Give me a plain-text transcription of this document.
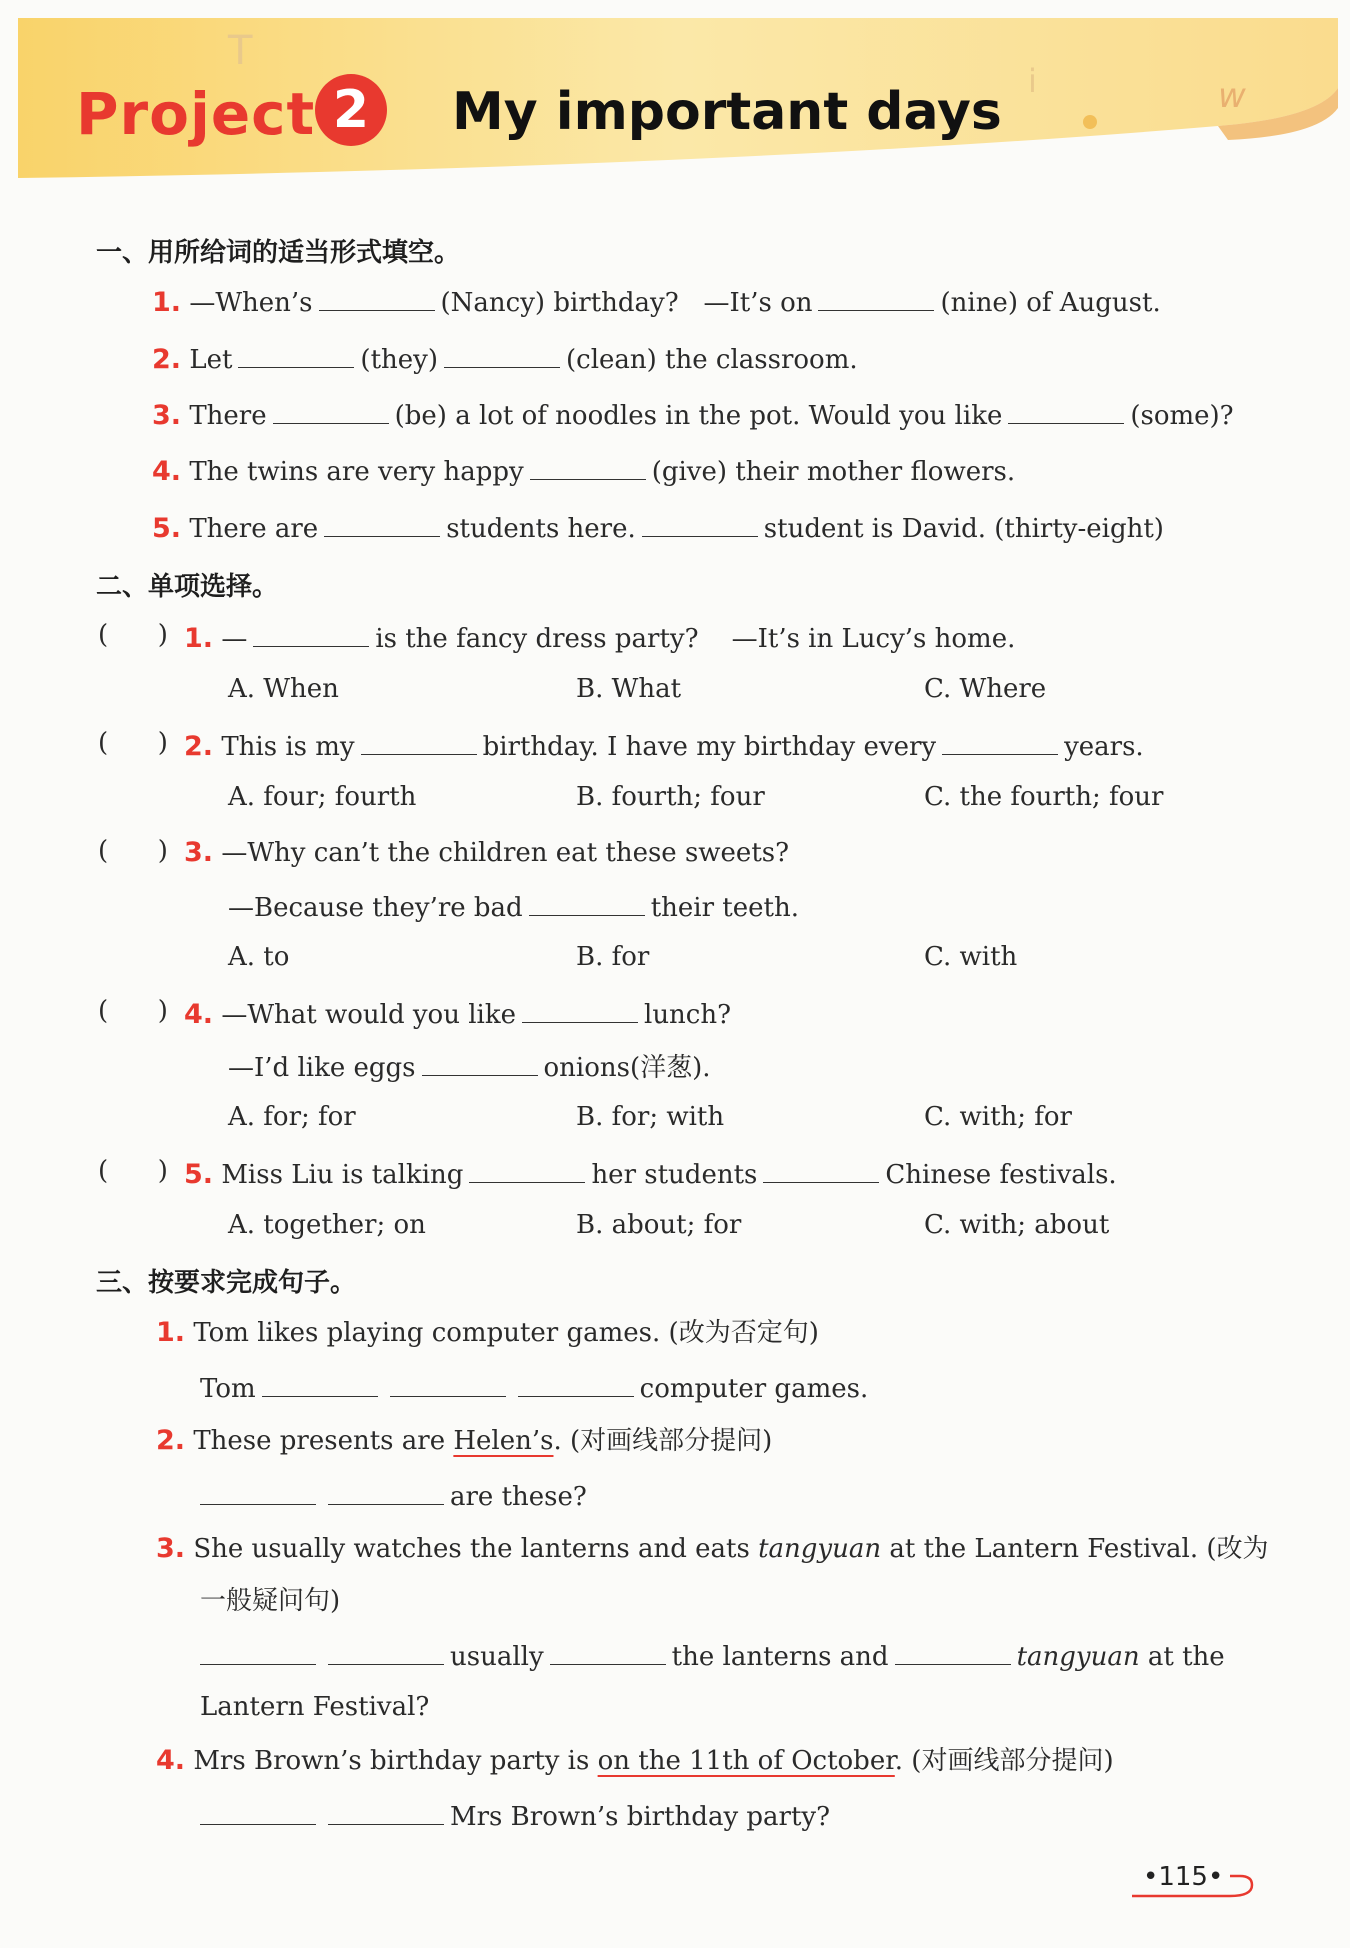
T
i	w
Project 2	My important days
一、用所给词的适当形式填空。
1. —When’s	(Nancy) birthday? —It’s on	(nine) of August.
2. Let	(they)	(clean) the classroom.
3. There	(be) a lot of noodles in the pot. Would you like	(some)?
4. The twins are very happy	(give) their mother flowers.
5. There are	students here.	student is David. (thirty-eight)
二、单项选择。
(      ) 1. —	is the fancy dress party? —It’s in Lucy’s home.
A. When	B. What	C. Where
(      ) 2. This is my	birthday. I have my birthday every	years.
A. four; fourth	B. fourth; four	C. the fourth; four
(      ) 3. —Why can’t the children eat these sweets?
—Because they’re bad	their teeth.
A. to	B. for	C. with
(      ) 4. —What would you like	lunch?
—I’d like eggs	onions(洋葱).
A. for; for	B. for; with	C. with; for
(      ) 5. Miss Liu is talking	her students	Chinese festivals.
A. together; on	B. about; for	C. with; about
三、按要求完成句子。
1. Tom likes playing computer games. (改为否定句)
Tom	computer games.
2. These presents are Helen’s. (对画线部分提问)
are these?
3. She usually watches the lanterns and eats tangyuan at the Lantern Festival. (改为
一般疑问句)
usually	the lanterns and	tangyuan at the
Lantern Festival?
4. Mrs Brown’s birthday party is on the 11th of October. (对画线部分提问)
Mrs Brown’s birthday party?
•115•
